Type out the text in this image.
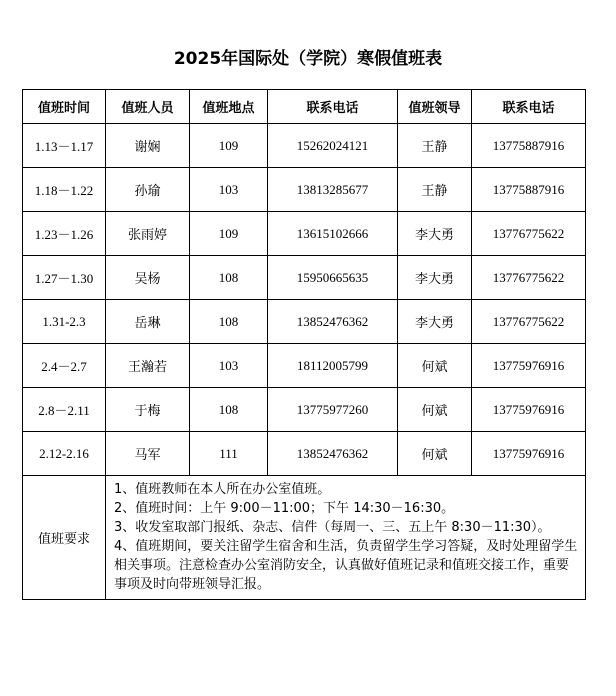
2025年国际处（学院）寒假值班表
值班时间	值班人员	值班地点	联系电话	值班领导	联系电话
1.13－1.17	谢娴	109	15262024121	王静	13775887916
1.18－1.22	孙瑜	103	13813285677	王静	13775887916
1.23－1.26	张雨婷	109	13615102666	李大勇	13776775622
1.27－1.30	吴杨	108	15950665635	李大勇	13776775622
1.31-2.3	岳琳	108	13852476362	李大勇	13776775622
2.4－2.7	王瀚若	103	18112005799	何斌	13775976916
2.8－2.11	于梅	108	13775977260	何斌	13775976916
2.12-2.16	马军	111	13852476362	何斌	13775976916
值班要求	1、值班教师在本人所在办公室值班。
2、值班时间：上午 9:00－11:00；下午 14:30－16:30。
3、收发室取部门报纸、杂志、信件（每周一、三、五上午 8:30－11:30）。
4、值班期间，要关注留学生宿舍和生活，负责留学生学习答疑，及时处理留学生相关事项。注意检查办公室消防安全，认真做好值班记录和值班交接工作，重要事项及时向带班领导汇报。				
